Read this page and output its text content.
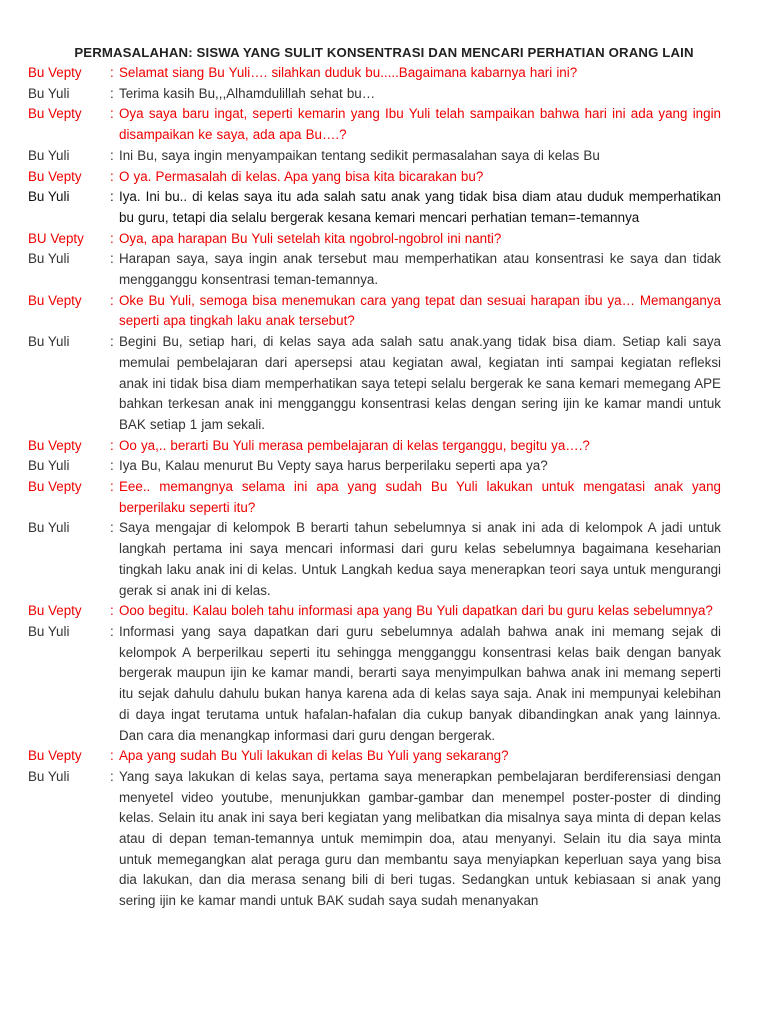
PERMASALAHAN: SISWA YANG SULIT KONSENTRASI DAN MENCARI PERHATIAN ORANG LAIN
Bu Vepty : Selamat siang Bu Yuli…. silahkan duduk bu.....Bagaimana kabarnya hari ini?
Bu Yuli	: Terima kasih Bu,,,Alhamdulillah sehat bu…
Bu Vepty : Oya saya baru ingat, seperti kemarin yang Ibu Yuli telah sampaikan bahwa hari ini ada yang ingin disampaikan ke saya, ada apa Bu….?
Bu Yuli	: Ini Bu, saya ingin menyampaikan tentang sedikit permasalahan saya di kelas Bu
Bu Vepty : O ya. Permasalah di kelas. Apa yang bisa kita bicarakan bu?
Bu Yuli	: Iya. Ini bu.. di kelas saya itu ada salah satu anak yang tidak bisa diam atau duduk memperhatikan bu guru, tetapi dia selalu bergerak kesana kemari mencari perhatian teman=-temannya
BU Vepty : Oya, apa harapan Bu Yuli setelah kita ngobrol-ngobrol ini nanti?
Bu Yuli	: Harapan saya, saya ingin anak tersebut mau memperhatikan atau konsentrasi ke saya dan tidak mengganggu konsentrasi teman-temannya.
Bu Vepty : Oke Bu Yuli, semoga bisa menemukan cara yang tepat dan sesuai harapan ibu ya… Memanganya seperti apa tingkah laku anak tersebut?
Bu Yuli	: Begini Bu, setiap hari, di kelas saya ada salah satu anak.yang tidak bisa diam. Setiap kali saya memulai pembelajaran dari apersepsi atau kegiatan awal, kegiatan inti sampai kegiatan refleksi anak ini tidak bisa diam memperhatikan saya tetepi selalu bergerak ke sana kemari memegang APE bahkan terkesan anak ini mengganggu konsentrasi kelas dengan sering ijin ke kamar mandi untuk BAK setiap 1 jam sekali.
Bu Vepty : Oo ya,.. berarti Bu Yuli merasa pembelajaran di kelas terganggu, begitu ya….?
Bu Yuli	: Iya Bu, Kalau menurut Bu Vepty saya harus berperilaku seperti apa ya?
Bu Vepty : Eee.. memangnya selama ini apa yang sudah Bu Yuli lakukan untuk mengatasi anak yang berperilaku seperti itu?
Bu Yuli	: Saya mengajar di kelompok B berarti tahun sebelumnya si anak ini ada di kelompok A jadi untuk langkah pertama ini saya mencari informasi dari guru kelas sebelumnya bagaimana keseharian tingkah laku anak ini di kelas. Untuk Langkah kedua saya menerapkan teori saya untuk mengurangi gerak si anak ini di kelas.
Bu Vepty : Ooo begitu. Kalau boleh tahu informasi apa yang Bu Yuli dapatkan dari bu guru kelas sebelumnya?
Bu Yuli	: Informasi yang saya dapatkan dari guru sebelumnya adalah bahwa anak ini memang sejak di kelompok A berperilkau seperti itu sehingga mengganggu konsentrasi kelas baik dengan banyak bergerak maupun ijin ke kamar mandi, berarti saya menyimpulkan bahwa anak ini memang seperti itu sejak dahulu dahulu bukan hanya karena ada di kelas saya saja. Anak ini mempunyai kelebihan di daya ingat terutama untuk hafalan-hafalan dia cukup banyak dibandingkan anak yang lainnya. Dan cara dia menangkap informasi dari guru dengan bergerak.
Bu Vepty : Apa yang sudah Bu Yuli lakukan di kelas Bu Yuli yang sekarang?
Bu Yuli	: Yang saya lakukan di kelas saya, pertama saya menerapkan pembelajaran berdiferensiasi dengan menyetel video youtube, menunjukkan gambar-gambar dan menempel poster-poster di dinding kelas. Selain itu anak ini saya beri kegiatan yang melibatkan dia misalnya saya minta di depan kelas atau di depan teman-temannya untuk memimpin doa, atau menyanyi. Selain itu dia saya minta untuk memegangkan alat peraga guru dan membantu saya menyiapkan keperluan saya yang bisa dia lakukan, dan dia merasa senang bili di beri tugas. Sedangkan untuk kebiasaan si anak yang sering ijin ke kamar mandi untuk BAK sudah saya sudah menanyakan
